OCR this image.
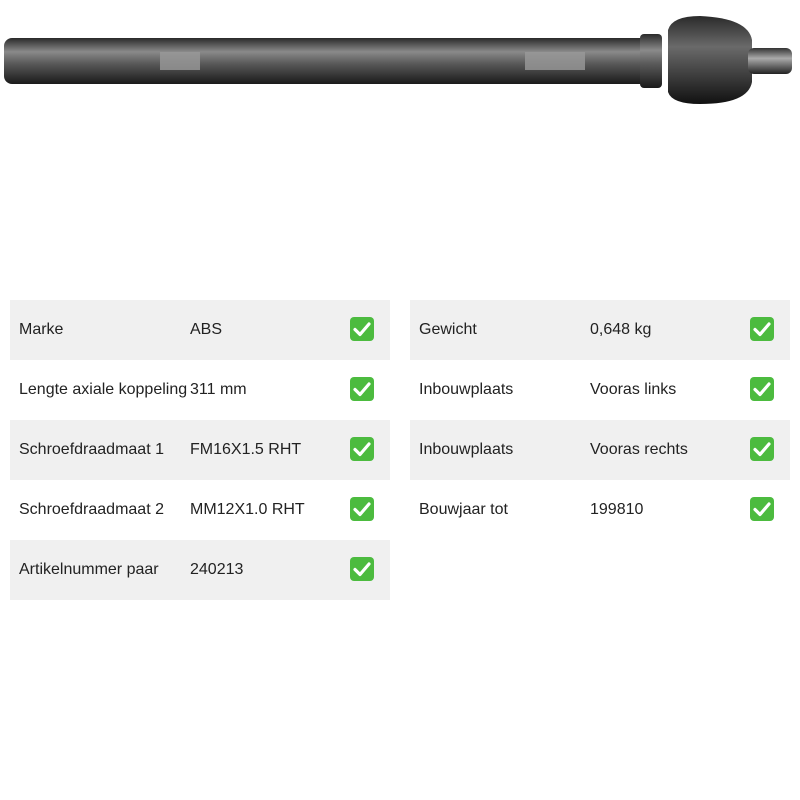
Marke	ABS
Lengte axiale koppeling 311 mm
Schroefdraadmaat 1 FM16X1.5 RHT
Schroefdraadmaat 2 MM12X1.0 RHT
Artikelnummer paar 240213
Gewicht	0,648 kg
Inbouwplaats	Vooras links
Inbouwplaats	Vooras rechts
Bouwjaar tot	199810
